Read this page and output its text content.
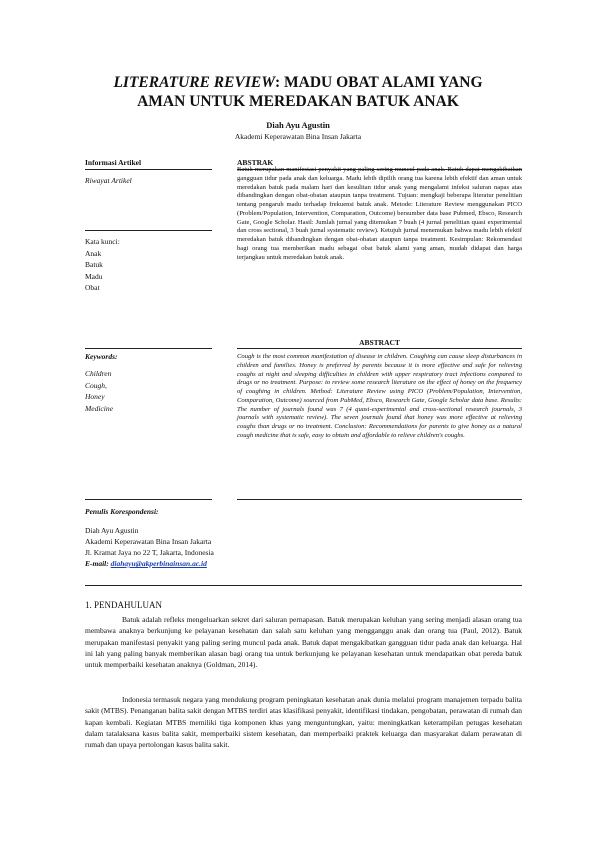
LITERATURE REVIEW: MADU OBAT ALAMI YANG
AMAN UNTUK MEREDAKAN BATUK ANAK
Diah Ayu Agustin
Akademi Keperawatan Bina Insan Jakarta
Informasi Artikel	ABSTRAK
Riwayat Artikel
Kata kunci:
Anak
Batuk
Madu
Obat
Batuk merupakan manifestasi penyakit yang paling sering muncul pada anak. Batuk dapat mengakibatkan gangguan tidur pada anak dan keluarga. Madu lebih dipilih orang tua karena lebih efektif dan aman untuk meredakan batuk pada malam hari dan kesulitan tidur anak yang mengalami infeksi saluran napas atas dibandingkan dengan obat-obatan ataupun tanpa treatment. Tujuan: mengkaji beberapa literatur penelitian tentang pengaruh madu terhadap frekuensi batuk anak. Metode: Literature Review menggunakan PICO (Problem/Population, Intervention, Comparation, Outcome) bersumber data base Pubmed, Ebsco, Research Gate, Google Scholar. Hasil: Jumlah jurnal yang ditemukan 7 buah (4 jurnal penelitian quasi experimental dan cross sectional, 3 buah jurnal systematic review). Ketujuh jurnal menemukan bahwa madu lebih efektif meredakan batuk dibandingkan dengan obat-obatan ataupun tanpa treatment. Kesimpulan: Rekomendasi bagi orang tua memberikan madu sebagai obat batuk alami yang aman, mudah didapat dan harga terjangkau untuk meredakan batuk anak.
ABSTRACT
Keywords:
Children
Cough,
Honey
Medicine
Cough is the most common manifestation of disease in children. Coughing can cause sleep disturbances in children and families. Honey is preferred by parents because it is more effective and safe for relieving coughs at night and sleeping difficulties in children with upper respiratory tract infections compared to drugs or no treatment. Purpose: to review some research literature on the effect of honey on the frequency of coughing in children. Method: Literature Review using PICO (Problem/Population, Intervention, Comparation, Outcome) sourced from PubMed, Ebsco, Research Gate, Google Scholar data base. Results: The number of journals found was 7 (4 quasi-experimental and cross-sectional research journals, 3 journals with systematic review). The seven journals found that honey was more effective at relieving coughs than drugs or no treatment. Conclusion: Recommendations for parents to give honey as a natural cough medicine that is safe, easy to obtain and affordable to relieve children's coughs.
Penulis Korespondensi:
Diah Ayu Agustin
Akademi Keperawatan Bina Insan Jakarta
Jl. Kramat Jaya no 22 T, Jakarta, Indonesia
E-mail: diahayu@akperbinainsan.ac.id
1. PENDAHULUAN
Batuk adalah refleks mengeluarkan sekret dari saluran pernapasan. Batuk merupakan keluhan yang sering menjadi alasan orang tua membawa anaknya berkunjung ke pelayanan kesehatan dan salah satu keluhan yang mengganggu anak dan orang tua (Paul, 2012). Batuk merupakan manifestasi penyakit yang paling sering muncul pada anak. Batuk dapat mengakibatkan gangguan tidur pada anak dan keluarga. Hal ini lah yang paling banyak memberikan alasan bagi orang tua untuk berkunjung ke pelayanan kesehatan untuk mendapatkan obat pereda batuk untuk memperbaiki kesehatan anaknya (Goldman, 2014).
Indonesia termasuk negara yang mendukung program peningkatan kesehatan anak dunia melalui program manajemen terpadu balita sakit (MTBS). Penanganan balita sakit dengan MTBS terdiri atas klasifikasi penyakit, identifikasi tindakan, pengobatan, perawatan di rumah dan kapan kembali. Kegiatan MTBS memiliki tiga komponen khas yang menguntungkan, yaitu: meningkatkan keterampilan petugas kesehatan dalam tatalaksana kasus balita sakit, memperbaiki sistem kesehatan, dan memperbaiki praktek keluarga dan masyarakat dalam perawatan di rumah dan upaya pertolongan kasus balita sakit.
